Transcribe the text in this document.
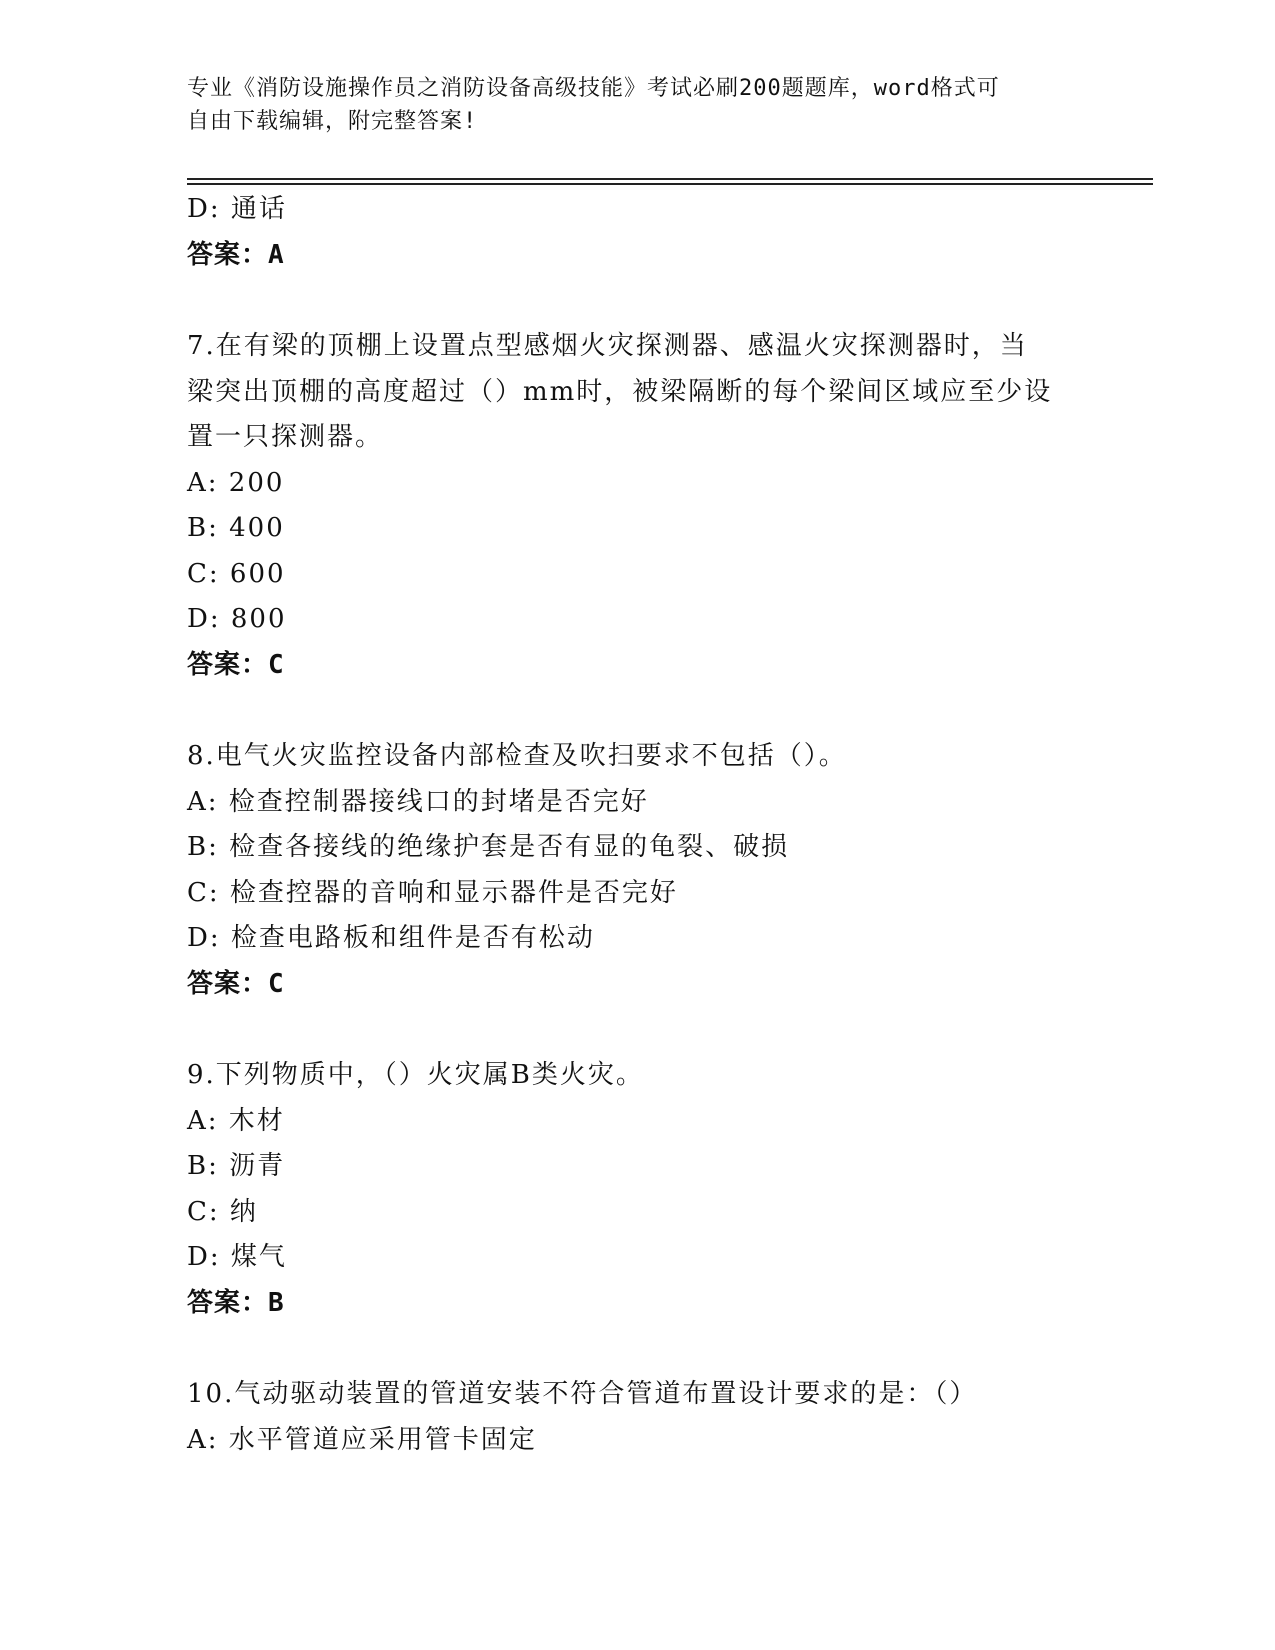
专业《消防设施操作员之消防设备高级技能》考试必刷200题题库，word格式可
自由下载编辑，附完整答案!
D: 通话
答案：A
7.在有梁的顶棚上设置点型感烟火灾探测器、感温火灾探测器时，当
梁突出顶棚的高度超过（）mm时，被梁隔断的每个梁间区域应至少设
置一只探测器。
A: 200
B: 400
C: 600
D: 800
答案：C
8.电气火灾监控设备内部检查及吹扫要求不包括（）。
A: 检查控制器接线口的封堵是否完好
B: 检查各接线的绝缘护套是否有显的龟裂、破损
C: 检查控器的音响和显示器件是否完好
D: 检查电路板和组件是否有松动
答案：C
9.下列物质中，（）火灾属B类火灾。
A: 木材
B: 沥青
C: 纳
D: 煤气
答案：B
10.气动驱动装置的管道安装不符合管道布置设计要求的是：（）
A: 水平管道应采用管卡固定
